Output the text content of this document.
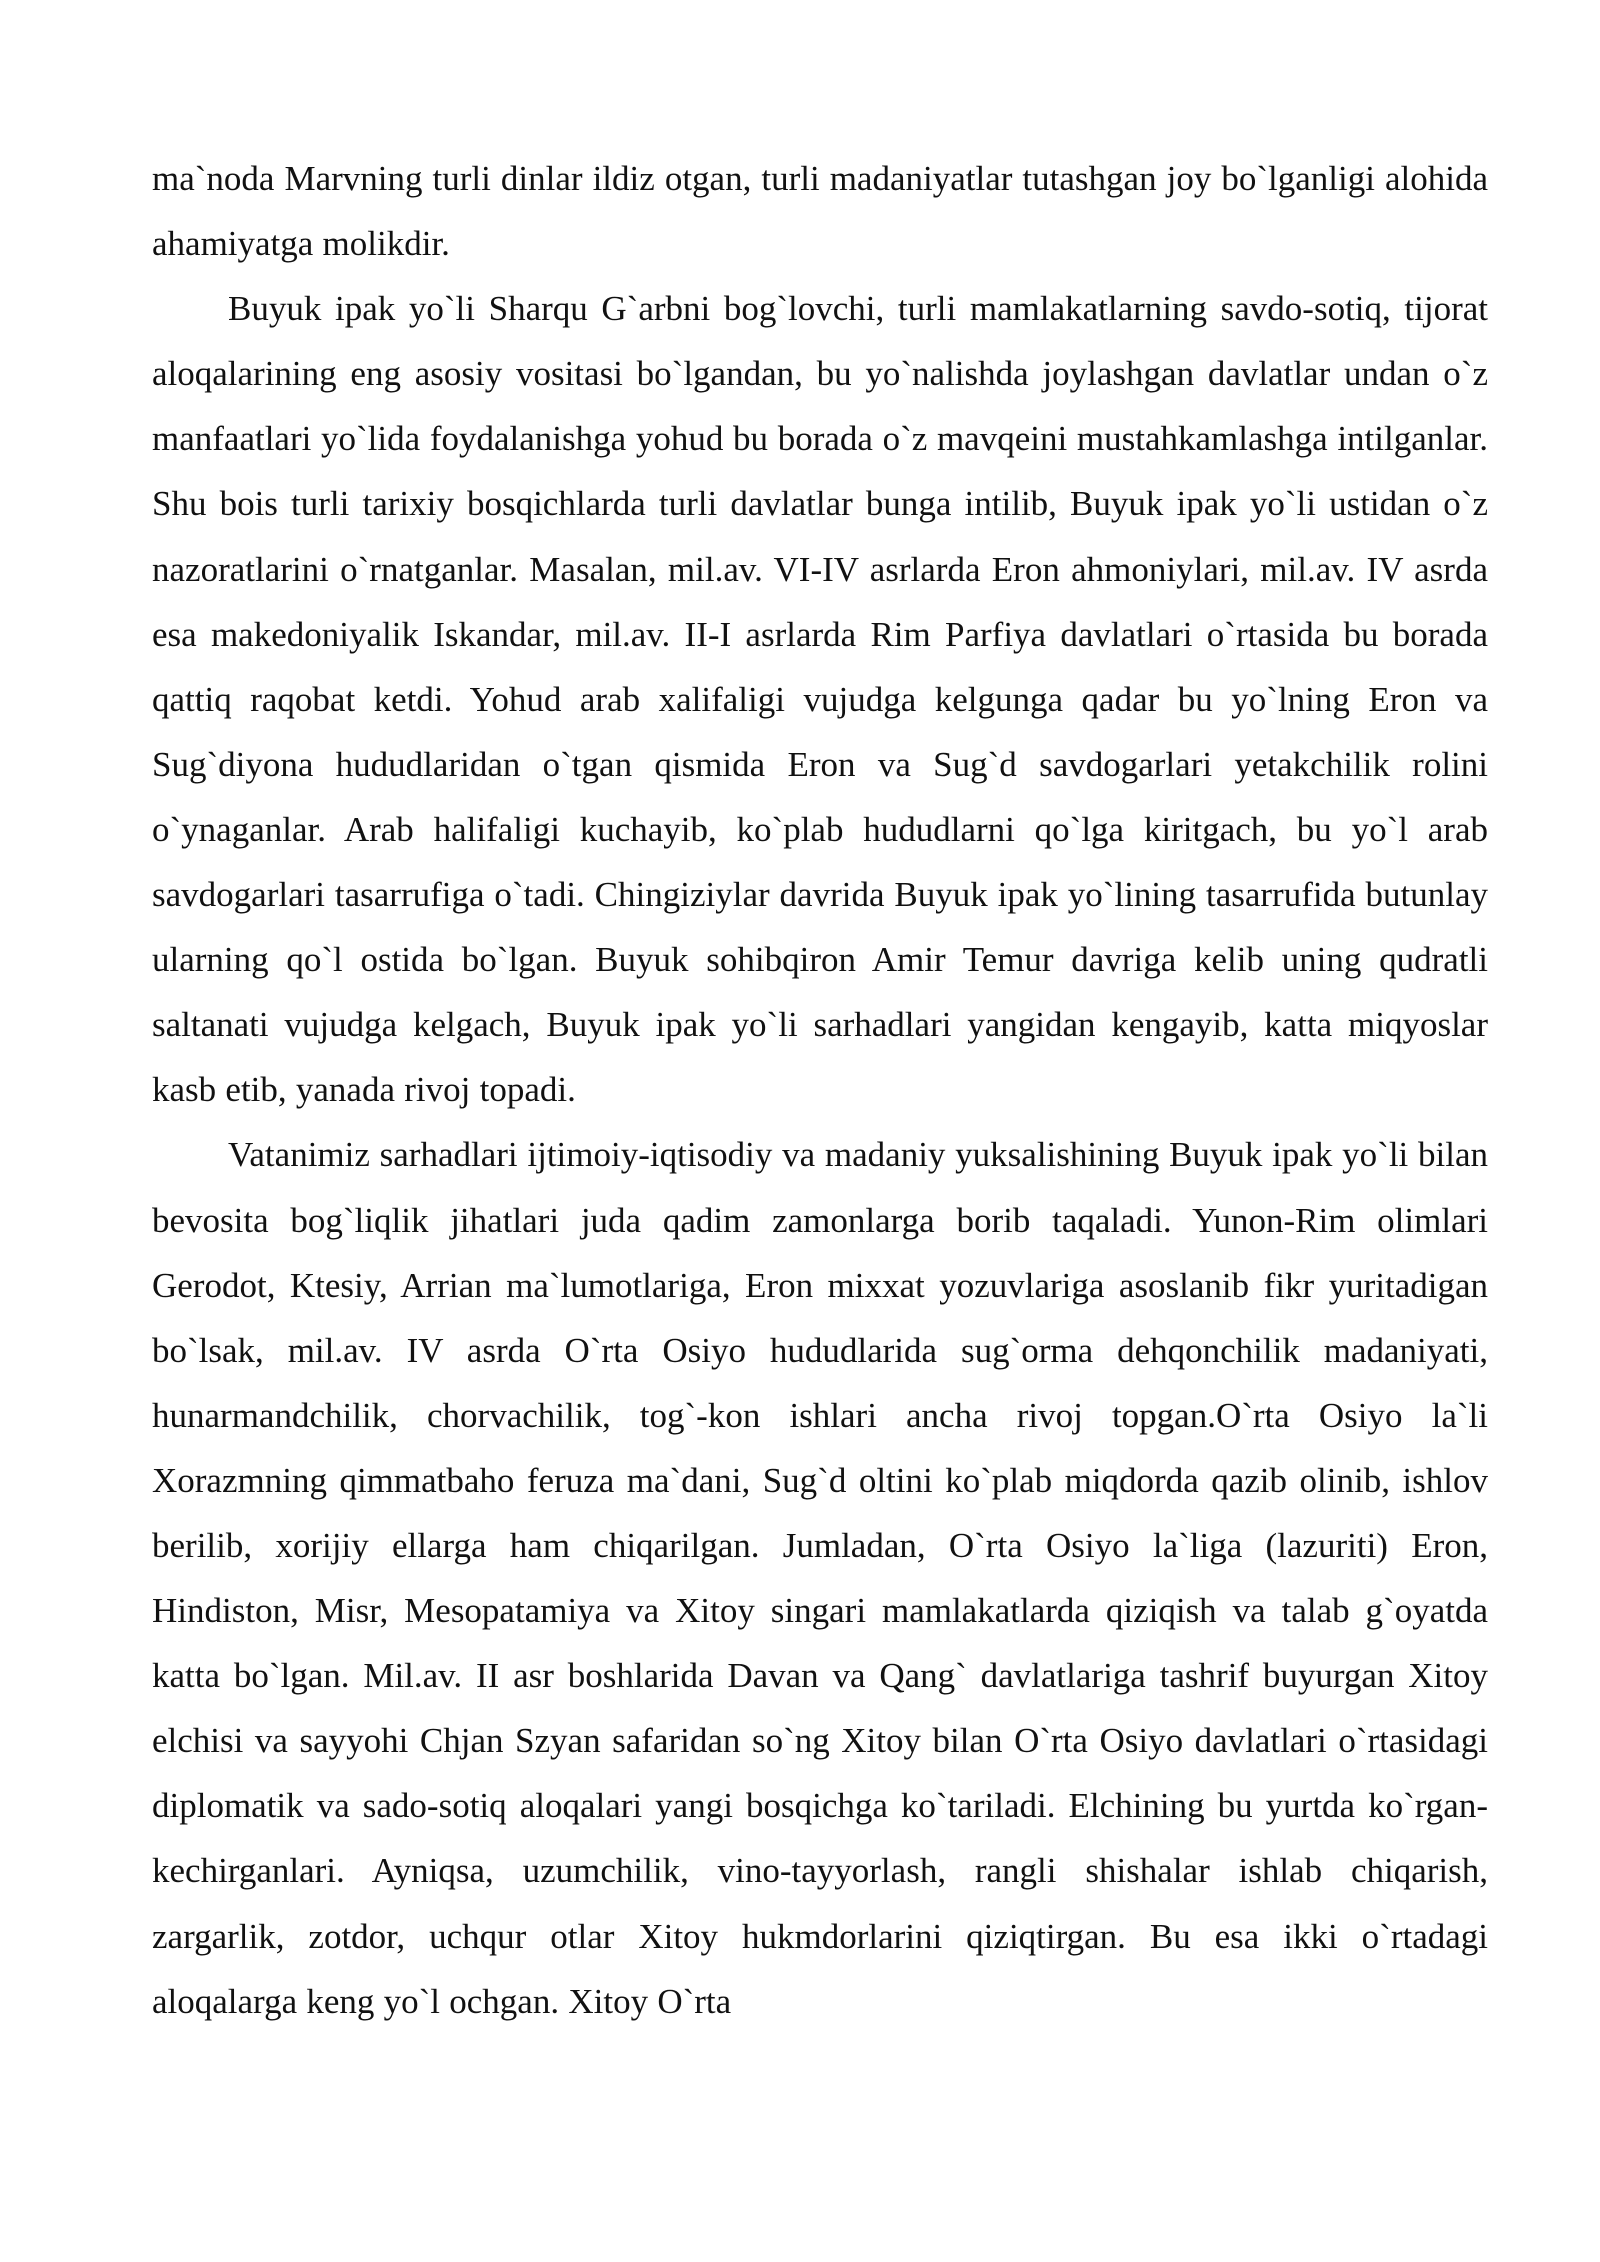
ma`noda Marvning turli dinlar ildiz otgan, turli madaniyatlar tutashgan joy bo`lganligi alohida ahamiyatga molikdir.

Buyuk ipak yo`li Sharqu G`arbni bog`lovchi, turli mamlakatlarning savdo-sotiq, tijorat aloqalarining eng asosiy vositasi bo`lgandan, bu yo`nalishda joylashgan davlatlar undan o`z manfaatlari yo`lida foydalanishga yohud bu borada o`z mavqeini mustahkamlashga intilganlar. Shu bois turli tarixiy bosqichlarda turli davlatlar bunga intilib, Buyuk ipak yo`li ustidan o`z nazoratlarini o`rnatganlar. Masalan, mil.av. VI-IV asrlarda Eron ahmoniylari, mil.av. IV asrda esa makedoniyalik Iskandar, mil.av. II-I asrlarda Rim Parfiya davlatlari o`rtasida bu borada qattiq raqobat ketdi. Yohud arab xalifaligi vujudga kelgunga qadar bu yo`lning Eron va Sug`diyona hududlaridan o`tgan qismida Eron va Sug`d savdogarlari yetakchilik rolini o`ynaganlar. Arab halifaligi kuchayib, ko`plab hududlarni qo`lga kiritgach, bu yo`l arab savdogarlari tasarrufiga o`tadi. Chingiziylar davrida Buyuk ipak yo`lining tasarrufida butunlay ularning qo`l ostida bo`lgan. Buyuk sohibqiron Amir Temur davriga kelib uning qudratli saltanati vujudga kelgach, Buyuk ipak yo`li sarhadlari yangidan kengayib, katta miqyoslar kasb etib, yanada rivoj topadi.

Vatanimiz sarhadlari ijtimoiy-iqtisodiy va madaniy yuksalishining Buyuk ipak yo`li bilan bevosita bog`liqlik jihatlari juda qadim zamonlarga borib taqaladi. Yunon-Rim olimlari Gerodot, Ktesiy, Arrian ma`lumotlariga, Eron mixxat yozuvlariga asoslanib fikr yuritadigan bo`lsak, mil.av. IV asrda O`rta Osiyo hududlarida sug`orma dehqonchilik madaniyati, hunarmandchilik, chorvachilik, tog`-kon ishlari ancha rivoj topgan.O`rta Osiyo la`li Xorazmning qimmatbaho feruza ma`dani, Sug`d oltini ko`plab miqdorda qazib olinib, ishlov berilib, xorijiy ellarga ham chiqarilgan. Jumladan, O`rta Osiyo la`liga (lazuriti) Eron, Hindiston, Misr, Mesopatamiya va Xitoy singari mamlakatlarda qiziqish va talab g`oyatda katta bo`lgan. Mil.av. II asr boshlarida Davan va Qang` davlatlariga tashrif buyurgan Xitoy elchisi va sayyohi Chjan Szyan safaridan so`ng Xitoy bilan O`rta Osiyo davlatlari o`rtasidagi diplomatik va sado-sotiq aloqalari yangi bosqichga ko`tariladi. Elchining bu yurtda ko`rgan-kechirganlari. Ayniqsa, uzumchilik, vino-tayyorlash, rangli shishalar ishlab chiqarish, zargarlik, zotdor, uchqur otlar Xitoy hukmdorlarini qiziqtirgan. Bu esa ikki o`rtadagi aloqalarga keng yo`l ochgan. Xitoy O`rta
